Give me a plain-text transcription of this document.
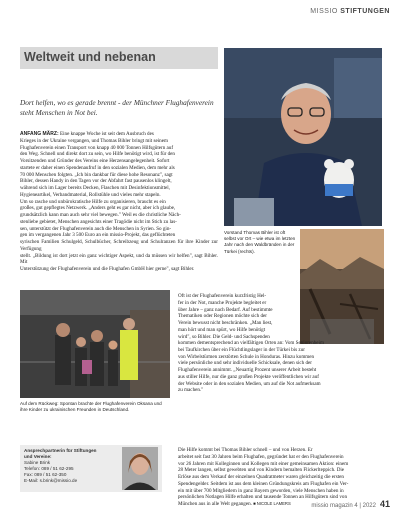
MISSIO STIFTUNGEN
Weltweit und nebenan
Dort helfen, wo es gerade brennt - der Münchner Flughafenverein steht Menschen in Not bei.
ANFANG MÄRZ: Eine knappe Woche ist seit dem Ausbruch des
Krieges in der Ukraine vergangen, und Thomas Bihler bringt mit seinem
Flughafenverein einen Transport von knapp 40 000 Tonnen Hilfsgütern auf
den Weg. Schnell und direkt dort zu sein, wo Hilfe benötigt wird, ist für den
Vorsitzenden und Gründer des Vereins eine Herzensangelegenheit. Sofort
startete er daher einen Spendenaufruf in den sozialen Medien, dem mehr als
70 000 Menschen folgten. „Ich bin dankbar für diese hohe Resonanz", sagt
Bihler, dessen Handy in den Tagen vor der Abfahrt fast pausenlos klingelt,
während sich im Lager bereits Decken, Flaschen mit Desinfektionsmittel,
Hygieneartikel, Verbandmaterial, Rollstühle und vieles mehr stapeln.
Um so rasche und unbürokratische Hilfe zu organisieren, braucht es ein
großes, gut gepflegtes Netzwerk. „Anders geht es gar nicht, aber ich glaube,
grundsätzlich kann man auch sehr viel bewegen." Weil es die christliche Näch-
stenliebe gebietet, Menschen angesichts einer Tragödie nicht im Stich zu las-
sen, unterstützt der Flughafenverein auch die Menschen in Syrien. So gin-
gen im vergangenen Jahr 3 500 Euro an ein missio-Projekt, das geflüchteten
syrischen Familien Schulgeld, Schulbücher, Schreibzeug und Schulranzen für ihre Kinder zur Verfügung
stellt. „Bildung ist dort jetzt ein ganz wichtiger Aspekt, und da müssen wir helfen", sagt Bihler. Mit
Unterstützung der Flughafenverein und die Flughafen GmbH hier gerne", sagt Bihler.
Vorstand Thomas Bihler ist oft selbst vor Ort – wie etwa im letzten Jahr nach den Waldbränden in der Türkei (rechts).
Auf dem Rückweg: Spontan brachte der Flughafenverein Oksana und ihre Kinder zu ukrainischen Freunden in Deutschland.
Oft ist der Flughafenverein kurzfristig Hel-
fer in der Not, manche Projekte begleitet er
über Jahre – ganz nach Bedarf. Auf bestimmte
Thematiken oder Regionen möchte sich der
Verein bewusst nicht beschränken. „Man liest,
man hört und man spürt, wo Hilfe benötigt
wird", so Bihler. Die Geld- und Sachspenden
kommen dementsprechend an vielfältigen Orten an: Vom Seniorenheim
bei Taufkirchen über ein Flüchtlingslager in der Türkei bis zur
von Wirbelstürmen zerstörten Schule in Honduras. Hinzu kommen
viele persönliche und sehr individuelle Schicksale, denen sich der
Flughafenverein annimmt. „Neuartig Prozent unserer Arbeit besteht
aus stiller Hilfe, nur die ganz großen Projekte veröffentlichen wir auf
der Website oder in den sozialen Medien, um auf die Not aufmerksam
zu machen."
Die Hilfe kommt bei Thomas Bihler schnell – und von Herzen. Er
arbeitet seit fast 30 Jahren beim Flughafen, gegründet hat er den Flughafenverein
vor 26 Jahren mit Kolleginnen und Kollegen mit einer gemeinsamen Aktion: einem
28 Meter langen, selbst gewebten und von Kindern bemalten Flickerlteppich. Die
Erlöse aus dem Verkauf der einzelnen Quadratmeter waren gleichzeitig die ersten
Spendengelder. Seitdem ist aus dem kleinen Gründungskreis am Flughafen ein Ver-
ein mit über 700 Mitgliedern in ganz Bayern geworden, viele Menschen haben in
persönlichen Notlagen Hilfe erhalten und tausende Tonnen an Hilfsgütern sind von
München aus in alle Welt gegangen. ■ NICOLE LAMERS
Ansprechpartnerin für Stiftungen und Vereine:
Sabine Brink
Telefon: 089 / 51 62-295
Fax: 089 / 51 62-350
E-Mail: s.brink@missio.de
missio magazin 4 | 2022 41
